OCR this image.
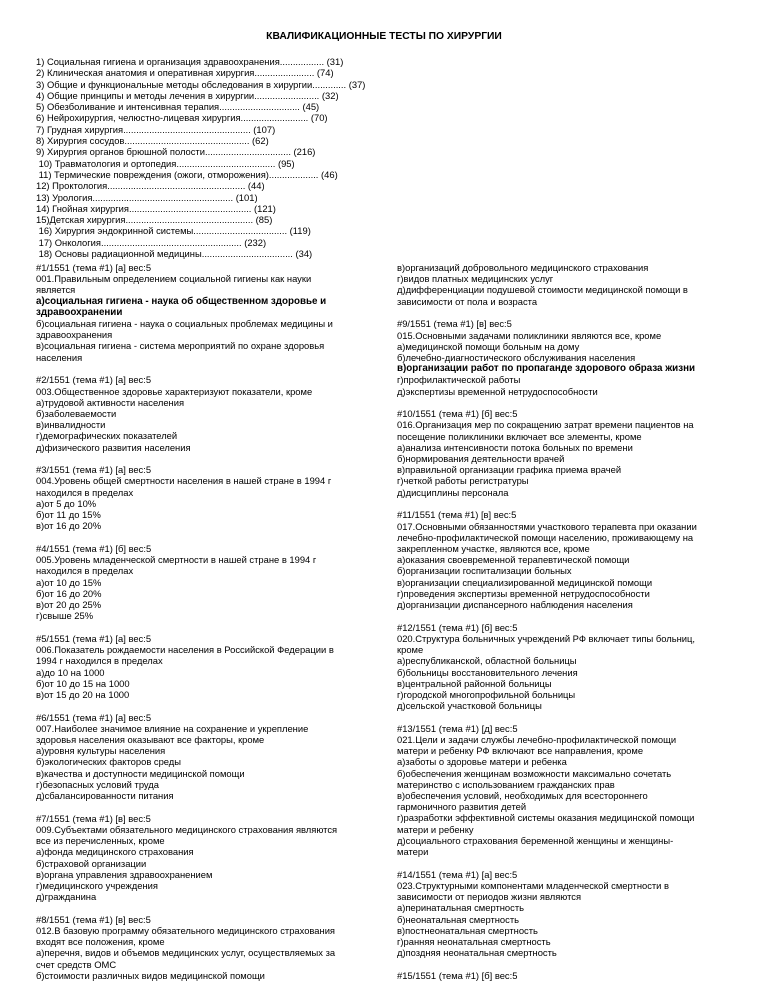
КВАЛИФИКАЦИОННЫЕ ТЕСТЫ ПО ХИРУРГИИ
1) Социальная гигиена и организация здравоохранения................. (31)
2) Клиническая анатомия и оперативная хирургия....................... (74)
3) Общие и функциональные методы обследования в хирургии............. (37)
4) Общие принципы и методы лечения в хирургии......................... (32)
5) Обезболивание и интенсивная терапия............................... (45)
6) Нейрохирургия, челюстно-лицевая хирургия.......................... (70)
7) Грудная хирургия................................................. (107)
8) Хирургия сосудов................................................ (62)
9) Хирургия органов брюшной полости................................. (216)
10) Травматология и ортопедия...................................... (95)
11) Термические повреждения (ожоги, отморожения)................... (46)
12) Проктология..................................................... (44)
13) Урология...................................................... (101)
14) Гнойная хирургия............................................... (121)
15)Детская хирургия................................................. (85)
16) Хирургия эндокринной системы.................................... (119)
17) Онкология...................................................... (232)
18) Основы радиационной медицины................................... (34)
#1/1551 (тема #1) [а] вес:5
001.Правильным определением социальной гигиены как науки
является
а)социальная гигиена - наука об общественном здоровье и
здравоохранении
б)социальная гигиена - наука о социальных проблемах медицины и
здравоохранения
в)социальная гигиена - система мероприятий по охране здоровья
населения
#2/1551 (тема #1) [а] вес:5
003.Общественное здоровье характеризуют показатели, кроме
а)трудовой активности населения
б)заболеваемости
в)инвалидности
г)демографических показателей
д)физического развития населения
#3/1551 (тема #1) [а] вес:5
004.Уровень общей смертности населения в нашей стране в 1994 г
находился в пределах
а)от 5 до 10%
б)от 11 до 15%
в)от 16 до 20%
#4/1551 (тема #1) [б] вес:5
005.Уровень младенческой смертности в нашей стране в 1994 г
находился в пределах
а)от 10 до 15%
б)от 16 до 20%
в)от 20 до 25%
г)свыше 25%
#5/1551 (тема #1) [а] вес:5
006.Показатель рождаемости населения в Российской Федерации в
1994 г находился в пределах
а)до 10 на 1000
б)от 10 до 15 на 1000
в)от 15 до 20 на 1000
#6/1551 (тема #1) [а] вес:5
007.Наиболее значимое влияние на сохранение и укрепление
здоровья населения оказывают все факторы, кроме
а)уровня культуры населения
б)экологических факторов среды
в)качества и доступности медицинской помощи
г)безопасных условий труда
д)сбалансированности питания
#7/1551 (тема #1) [в] вес:5
009.Субъектами обязательного медицинского страхования являются
все из перечисленных, кроме
а)фонда медицинского страхования
б)страховой организации
в)органа управления здравоохранением
г)медицинского учреждения
д)гражданина
#8/1551 (тема #1) [в] вес:5
012.В базовую программу обязательного медицинского страхования
входят все положения, кроме
а)перечня, видов и объемов медицинских услуг, осуществляемых за
счет средств ОМС
б)стоимости различных видов медицинской помощи
в)организаций добровольного медицинского страхования
г)видов платных медицинских услуг
д)дифференциации подушевой стоимости медицинской помощи в
зависимости от пола и возраста
#9/1551 (тема #1) [в] вес:5
015.Основными задачами поликлиники являются все, кроме
а)медицинской помощи больным на дому
б)лечебно-диагностического обслуживания населения
в)организации работ по пропаганде здорового образа жизни
г)профилактической работы
д)экспертизы временной нетрудоспособности
#10/1551 (тема #1) [б] вес:5
016.Организация мер по сокращению затрат времени пациентов на
посещение поликлиники включает все элементы, кроме
а)анализа интенсивности потока больных по времени
б)нормирования деятельности врачей
в)правильной организации графика приема врачей
г)четкой работы регистратуры
д)дисциплины персонала
#11/1551 (тема #1) [в] вес:5
017.Основными обязанностями участкового терапевта при оказании
лечебно-профилактической помощи населению, проживающему на
закрепленном участке, являются все, кроме
а)оказания своевременной терапевтической помощи
б)организации госпитализации больных
в)организации специализированной медицинской помощи
г)проведения экспертизы временной нетрудоспособности
д)организации диспансерного наблюдения населения
#12/1551 (тема #1) [б] вес:5
020.Структура больничных учреждений РФ включает типы больниц,
кроме
а)республиканской, областной больницы
б)больницы восстановительного лечения
в)центральной районной больницы
г)городской многопрофильной больницы
д)сельской участковой больницы
#13/1551 (тема #1) [д] вес:5
021.Цели и задачи службы лечебно-профилактической помощи
матери и ребенку РФ включают все направления, кроме
а)заботы о здоровье матери и ребенка
б)обеспечения женщинам возможности максимально сочетать
материнство с использованием гражданских прав
в)обеспечения условий, необходимых для всестороннего
гармоничного развития детей
г)разработки эффективной системы оказания медицинской помощи
матери и ребенку
д)социального страхования беременной женщины и женщины-
матери
#14/1551 (тема #1) [а] вес:5
023.Структурными компонентами младенческой смертности в
зависимости от периодов жизни являются
а)перинатальная смертность
б)неонатальная смертность
в)постнеонатальная смертность
г)ранняя неонатальная смертность
д)поздняя неонатальная смертность
#15/1551 (тема #1) [б] вес:5
